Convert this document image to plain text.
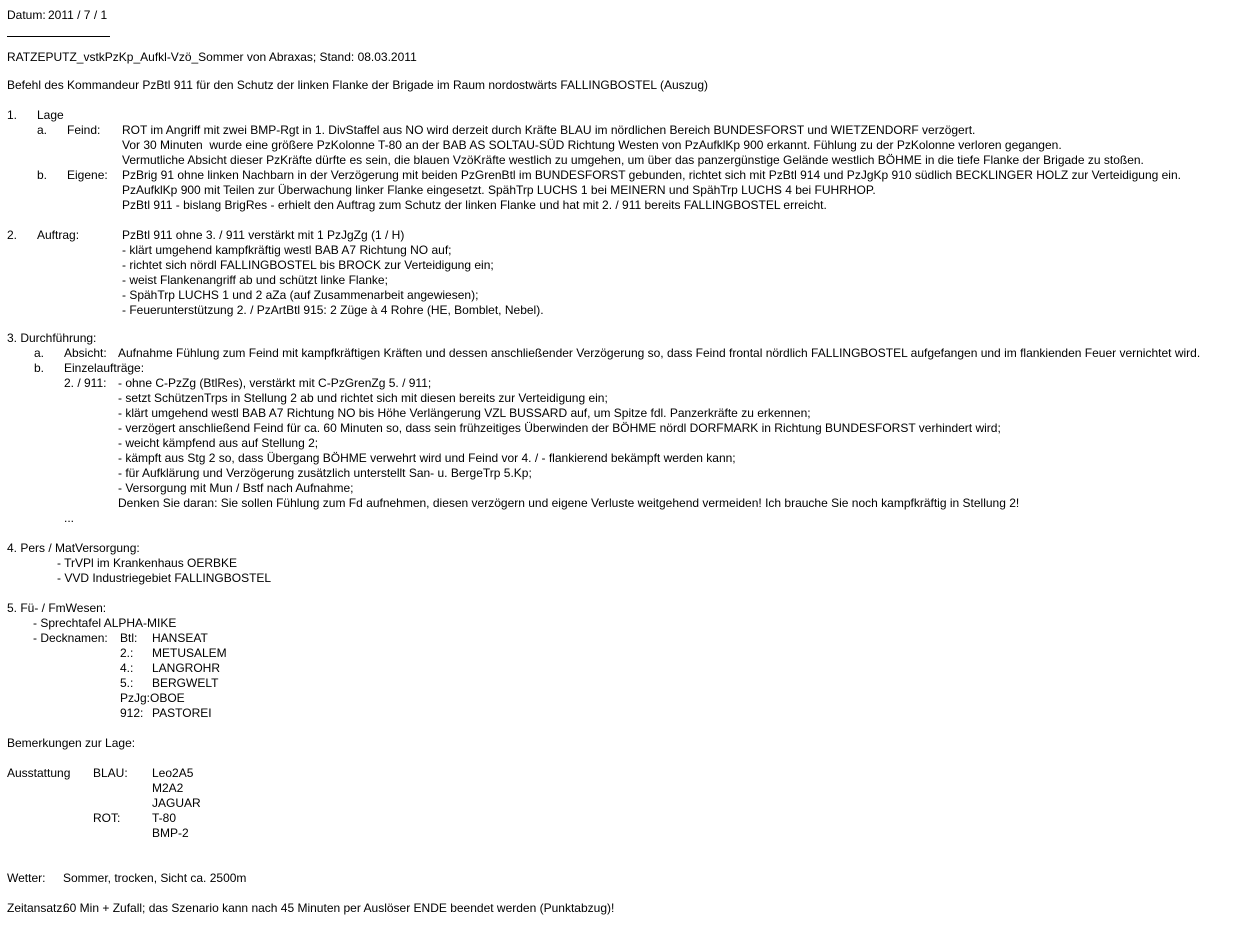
Datum: 2011 / 7 / 1
RATZEPUTZ_vstkPzKp_Aufkl-Vzö_Sommer von Abraxas; Stand: 08.03.2011
Befehl des Kommandeur PzBtl 911 für den Schutz der linken Flanke der Brigade im Raum nordostwärts FALLINGBOSTEL (Auszug)
1. Lage
a. Feind: ROT im Angriff mit zwei BMP-Rgt in 1. DivStaffel aus NO wird derzeit durch Kräfte BLAU im nördlichen Bereich BUNDESFORST und WIETZENDORF verzögert.
Vor 30 Minuten  wurde eine größere PzKolonne T-80 an der BAB AS SOLTAU-SÜD Richtung Westen von PzAufklKp 900 erkannt. Fühlung zu der PzKolonne verloren gegangen.
Vermutliche Absicht dieser PzKräfte dürfte es sein, die blauen VzöKräfte westlich zu umgehen, um über das panzergünstige Gelände westlich BÖHME in die tiefe Flanke der Brigade zu stoßen.
b. Eigene: PzBrig 91 ohne linken Nachbarn in der Verzögerung mit beiden PzGrenBtl im BUNDESFORST gebunden, richtet sich mit PzBtl 914 und PzJgKp 910 südlich BECKLINGER HOLZ zur Verteidigung ein.
PzAufklKp 900 mit Teilen zur Überwachung linker Flanke eingesetzt. SpähTrp LUCHS 1 bei MEINERN und SpähTrp LUCHS 4 bei FUHRHOP.
PzBtl 911 - bislang BrigRes - erhielt den Auftrag zum Schutz der linken Flanke und hat mit 2. / 911 bereits FALLINGBOSTEL erreicht.
2. Auftrag:	PzBtl 911 ohne 3. / 911 verstärkt mit 1 PzJgZg (1 / H)
- klärt umgehend kampfkräftig westl BAB A7 Richtung NO auf;
- richtet sich nördl FALLINGBOSTEL bis BROCK zur Verteidigung ein;
- weist Flankenangriff ab und schützt linke Flanke;
- SpähTrp LUCHS 1 und 2 aZa (auf Zusammenarbeit angewiesen);
- Feuerunterstützung 2. / PzArtBtl 915: 2 Züge à 4 Rohre (HE, Bomblet, Nebel).
3. Durchführung:
a. Absicht: Aufnahme Fühlung zum Feind mit kampfkräftigen Kräften und dessen anschließender Verzögerung so, dass Feind frontal nördlich FALLINGBOSTEL aufgefangen und im flankienden Feuer vernichtet wird.
b. Einzelaufträge:
2. / 911: - ohne C-PzZg (BtlRes), verstärkt mit C-PzGrenZg 5. / 911;
- setzt SchützenTrps in Stellung 2 ab und richtet sich mit diesen bereits zur Verteidigung ein;
- klärt umgehend westl BAB A7 Richtung NO bis Höhe Verlängerung VZL BUSSARD auf, um Spitze fdl. Panzerkräfte zu erkennen;
- verzögert anschließend Feind für ca. 60 Minuten so, dass sein frühzeitiges Überwinden der BÖHME nördl DORFMARK in Richtung BUNDESFORST verhindert wird;
- weicht kämpfend aus auf Stellung 2;
- kämpft aus Stg 2 so, dass Übergang BÖHME verwehrt wird und Feind vor 4. / - flankierend bekämpft werden kann;
- für Aufklärung und Verzögerung zusätzlich unterstellt San- u. BergeTrp 5.Kp;
- Versorgung mit Mun / Bstf nach Aufnahme;
Denken Sie daran: Sie sollen Fühlung zum Fd aufnehmen, diesen verzögern und eigene Verluste weitgehend vermeiden! Ich brauche Sie noch kampfkräftig in Stellung 2!
...
4. Pers / MatVersorgung:
- TrVPl im Krankenhaus OERBKE
- VVD Industriegebiet FALLINGBOSTEL
5. Fü- / FmWesen:
- Sprechtafel ALPHA-MIKE
- Decknamen: Btl: HANSEAT
2.: METUSALEM
4.: LANGROHR
5.: BERGWELT
PzJg: OBOE
912: PASTOREI
Bemerkungen zur Lage:
Ausstattung BLAU: Leo2A5
M2A2
JAGUAR
ROT:	T-80
BMP-2
Wetter: Sommer, trocken, Sicht ca. 2500m
Zeitansatz:
60 Min + Zufall; das Szenario kann nach 45 Minuten per Auslöser ENDE beendet werden (Punktabzug)!
